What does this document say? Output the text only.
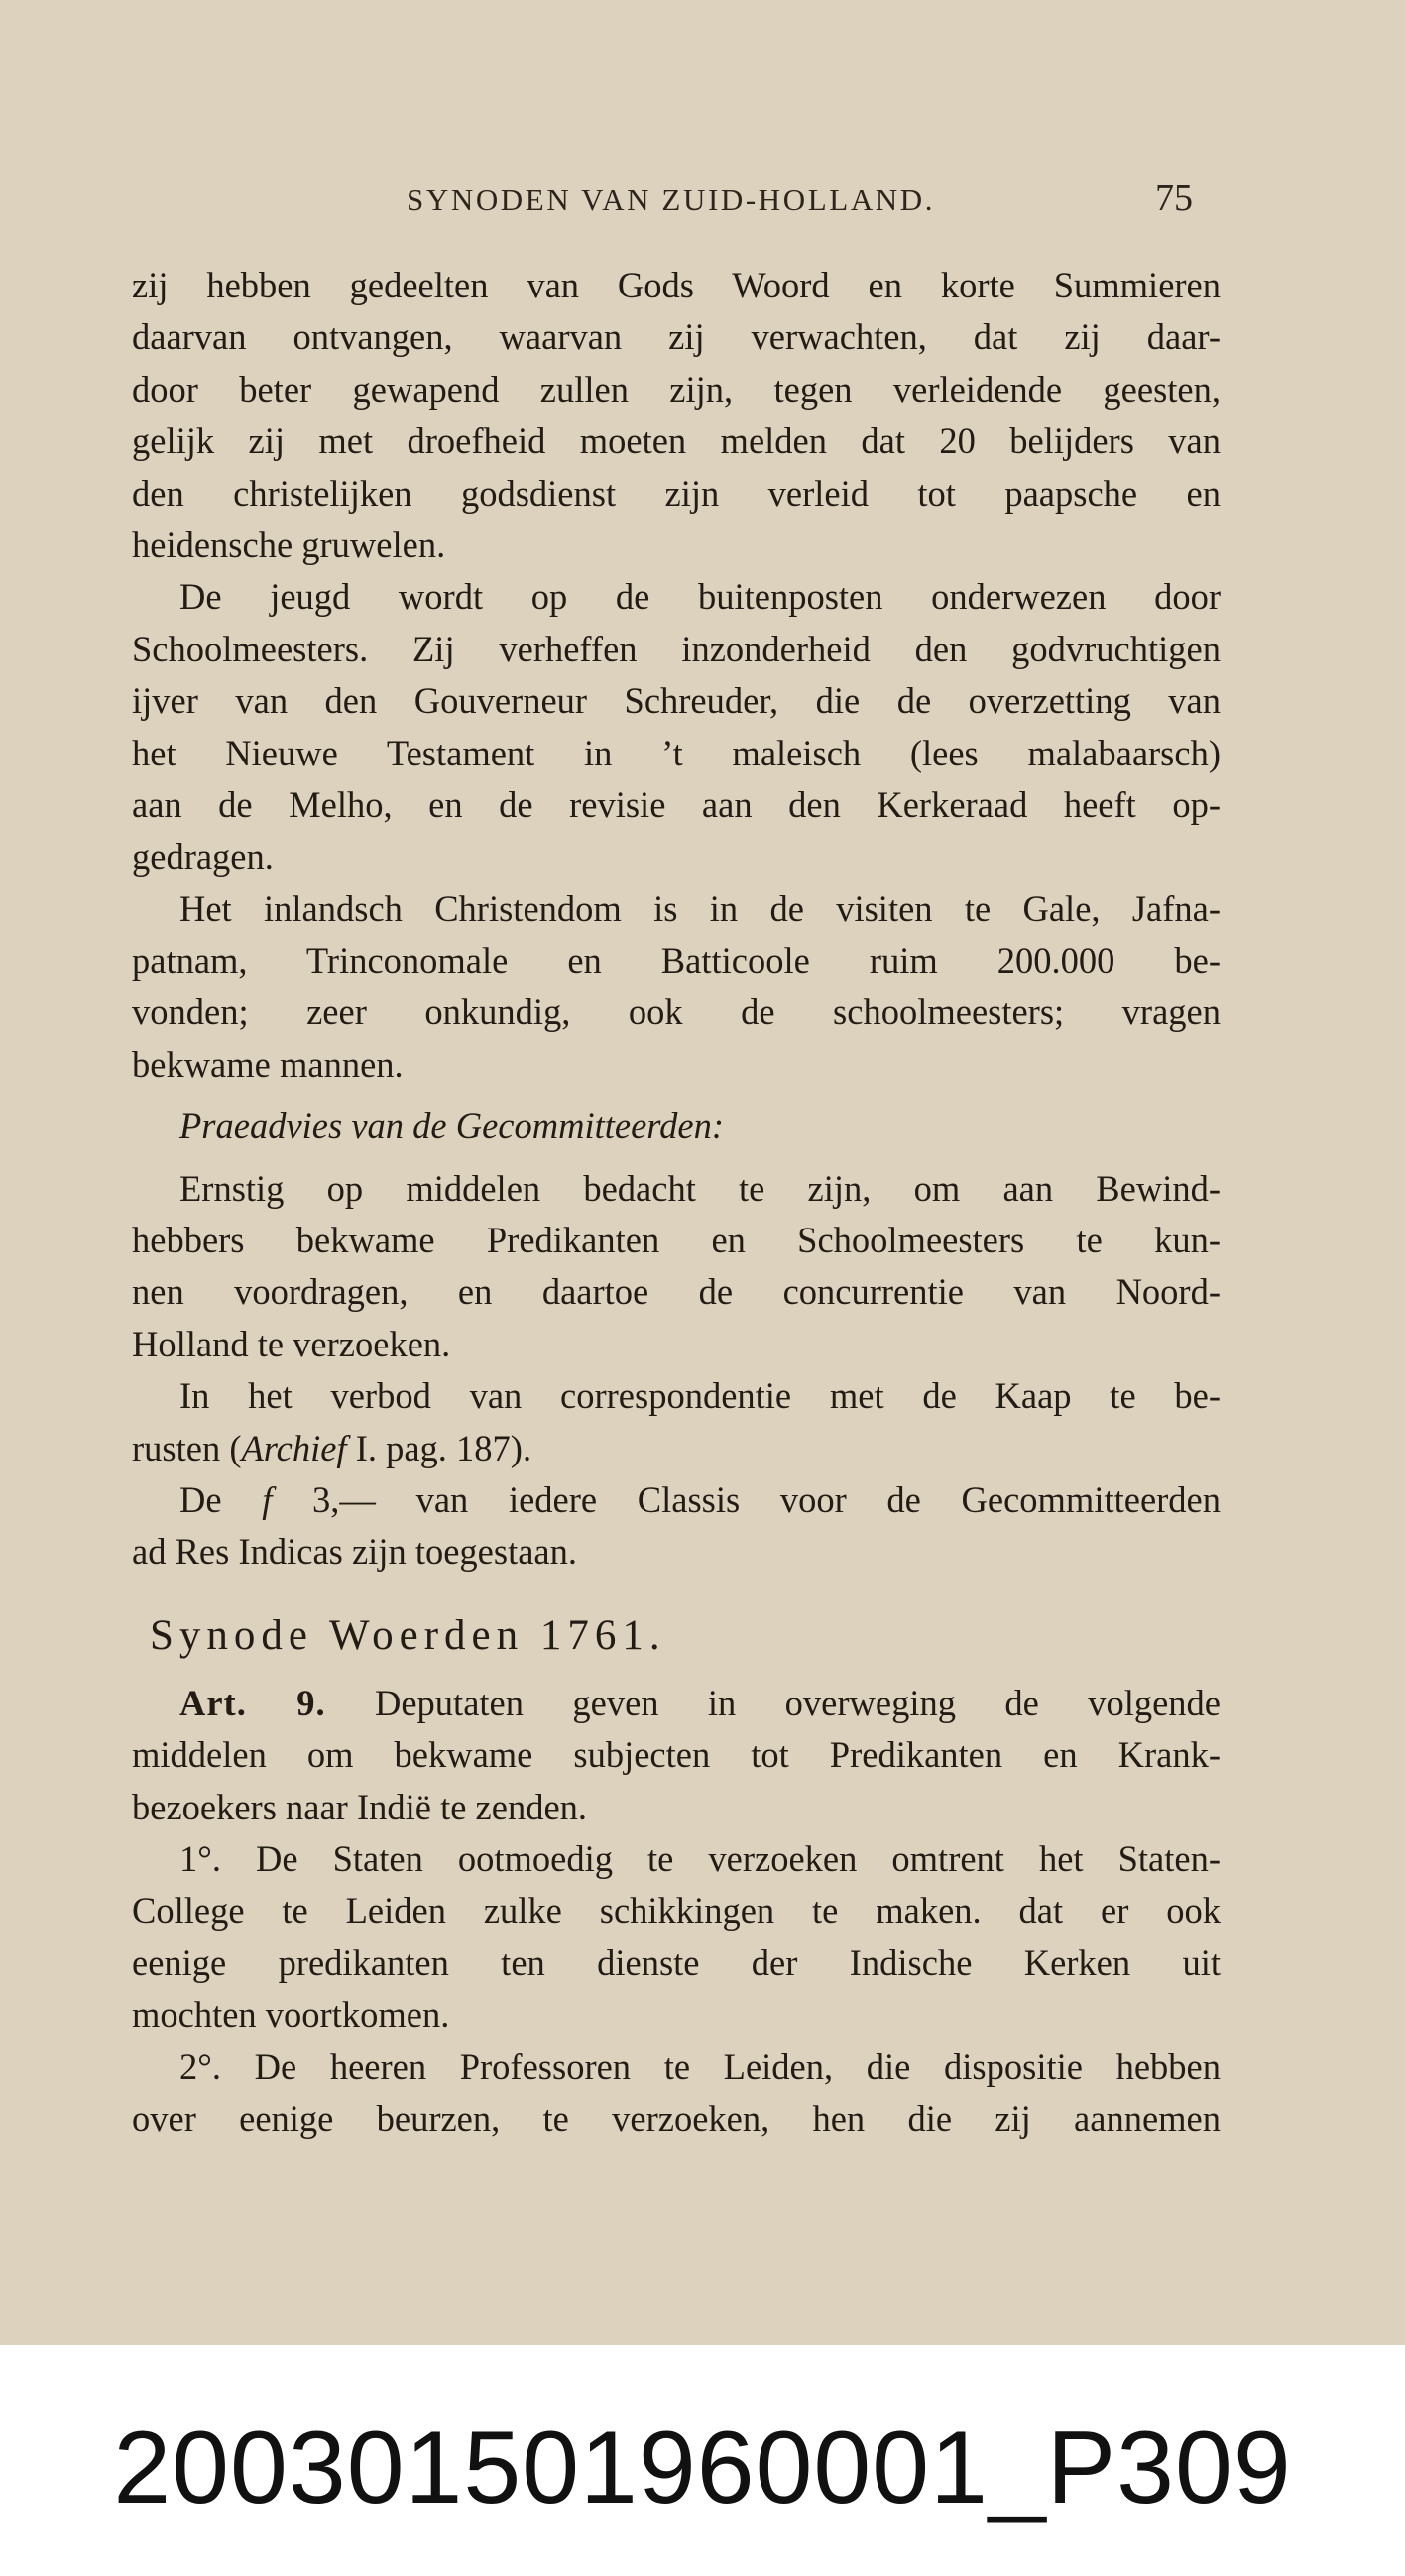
SYNODEN VAN ZUID-HOLLAND.	75
zij hebben gedeelten van Gods Woord en korte Summieren
daarvan ontvangen, waarvan zij verwachten, dat zij daar-
door beter gewapend zullen zijn, tegen verleidende geesten,
gelijk zij met droefheid moeten melden dat 20 belijders van
den christelijken godsdienst zijn verleid tot paapsche en
heidensche gruwelen.
De jeugd wordt op de buitenposten onderwezen door
Schoolmeesters. Zij verheffen inzonderheid den godvruchtigen
ijver van den Gouverneur Schreuder, die de overzetting van
het Nieuwe Testament in ’t maleisch (lees malabaarsch)
aan de Melho, en de revisie aan den Kerkeraad heeft op-
gedragen.
Het inlandsch Christendom is in de visiten te Gale, Jafna-
patnam, Trinconomale en Batticoole ruim 200.000 be-
vonden; zeer onkundig, ook de schoolmeesters; vragen
bekwame mannen.
Praeadvies van de Gecommitteerden:
Ernstig op middelen bedacht te zijn, om aan Bewind-
hebbers bekwame Predikanten en Schoolmeesters te kun-
nen voordragen, en daartoe de concurrentie van Noord-
Holland te verzoeken.
In het verbod van correspondentie met de Kaap te be-
rusten (Archief I. pag. 187).
De f 3,— van iedere Classis voor de Gecommitteerden
ad Res Indicas zijn toegestaan.
Synode Woerden 1761.
Art. 9. Deputaten geven in overweging de volgende
middelen om bekwame subjecten tot Predikanten en Krank-
bezoekers naar Indië te zenden.
1°. De Staten ootmoedig te verzoeken omtrent het Staten-
College te Leiden zulke schikkingen te maken. dat er ook
eenige predikanten ten dienste der Indische Kerken uit
mochten voortkomen.
2°. De heeren Professoren te Leiden, die dispositie hebben
over eenige beurzen, te verzoeken, hen die zij aannemen
20030150196000​1_P309
